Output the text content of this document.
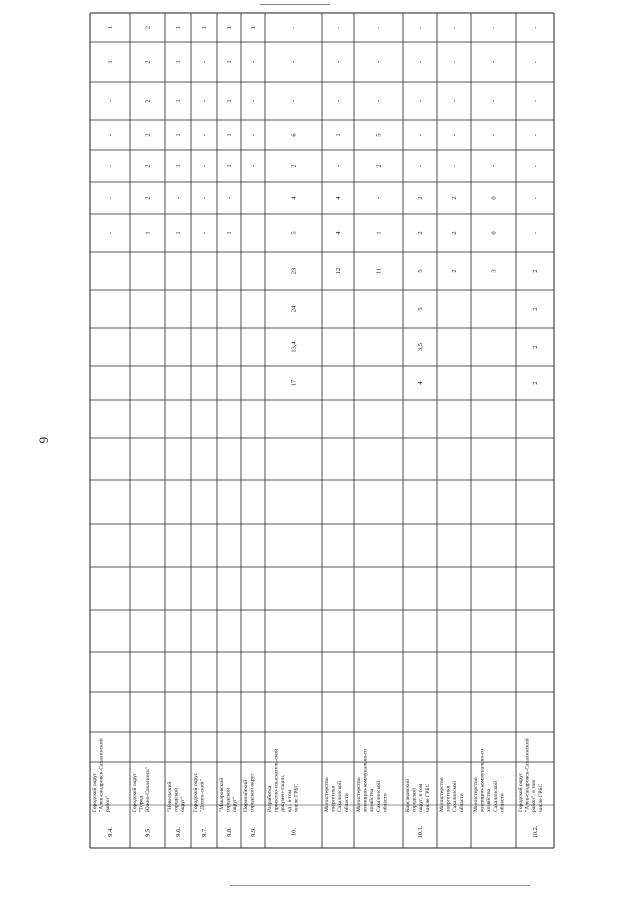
6
9.4.
Городской округ "Алек-сандровск-Сахалинский район"
-
-
-
-
-
1
1
9.5.
Городской округ "Город Южно-Сахалинск"
1
2
2
2
2
2
2
9.6.
"Невельский городской округ"
1
-
1
1
1
1
1
9.7.
Городской округ "Долин-ский"
-
-
-
-
-
-
1
9.8.
"Макаровский городской округ"
1
-
1
1
1
1
1
9.9.
Поронайский городской округ
-
-
-
-
1
10.
Разработка проектно-изыскатель-ской докумен-тации, ед., в том числе ГРБС
17
13,4
24
23
5
4
2
6
-
-
-
Министерство энергетики Сахалинской области
12
4
4
-
1
-
-
-
Министерство жилищно-коммунально-го хозяйства Сахалинской области
11
1
-
2
5
-
-
-
10.1.
Корсаковский городской округ, в том числе ГРБС
4
3,5
5
5
2
2
-
-
-
-
-
Министерство энергетики Сахалинской области
2
2
2
-
-
-
-
-
Министерство жилищно-коммунально-го хозяйства Сахалинской области
3
0
0
-
-
-
-
-
10.2.
Городской округ "Алек-сандровск-Сахалинский район", в том числе ГРБС
2
2
2
2
-
-
-
-
-
-
-
